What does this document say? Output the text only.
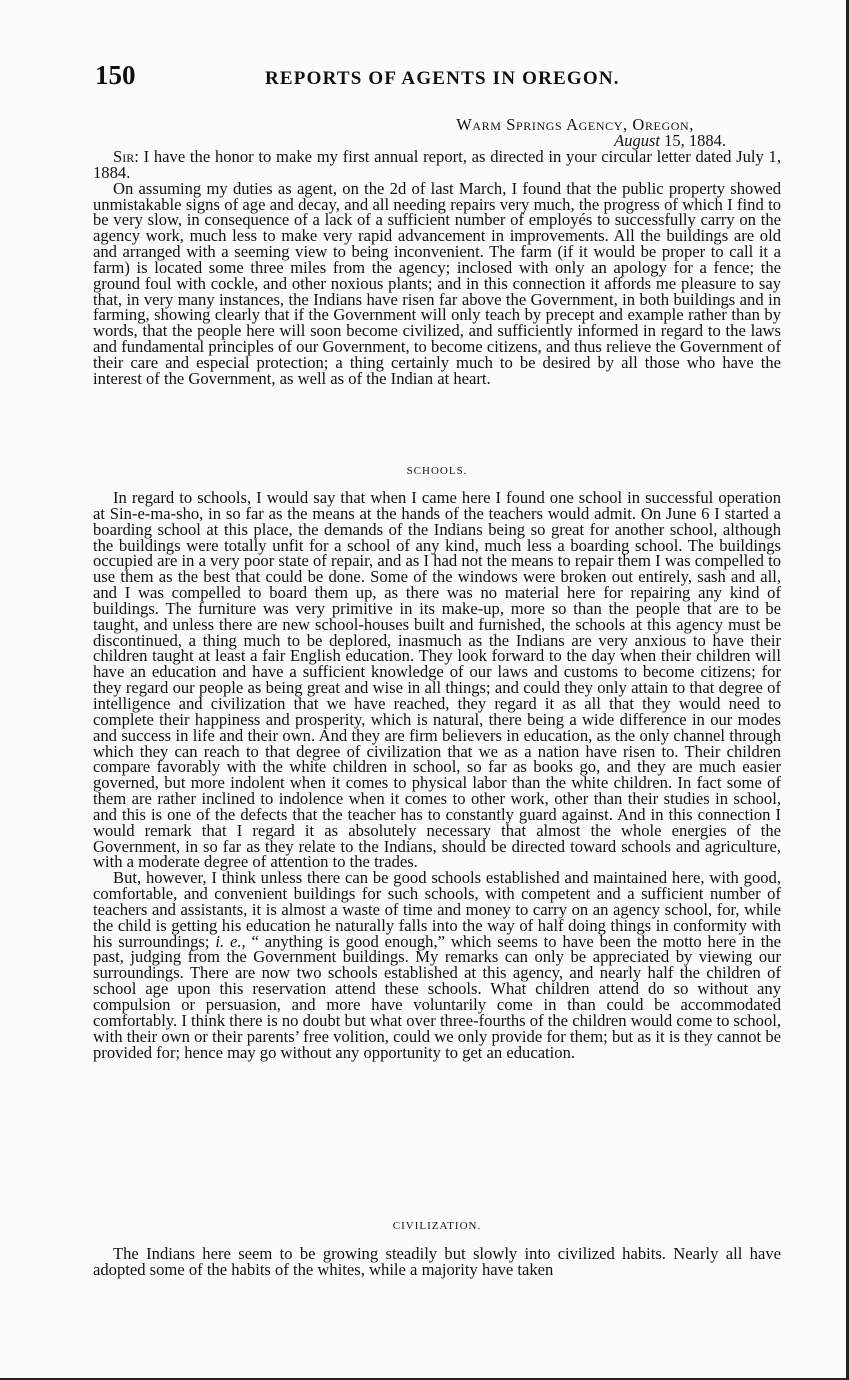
150	REPORTS OF AGENTS IN OREGON.
Warm Springs Agency, Oregon,
August 15, 1884.

Sir: I have the honor to make my first annual report, as directed in your circular letter dated July 1, 1884.

On assuming my duties as agent, on the 2d of last March, I found that the public property showed unmistakable signs of age and decay, and all needing repairs very much, the progress of which I find to be very slow, in consequence of a lack of a sufficient number of employés to successfully carry on the agency work, much less to make very rapid advancement in improvements. All the buildings are old and arranged with a seeming view to being inconvenient. The farm (if it would be proper to call it a farm) is located some three miles from the agency; inclosed with only an apology for a fence; the ground foul with cockle, and other noxious plants; and in this connection it affords me pleasure to say that, in very many instances, the Indians have risen far above the Government, in both buildings and in farming, showing clearly that if the Government will only teach by precept and example rather than by words, that the people here will soon become civilized, and sufficiently informed in regard to the laws and fundamental principles of our Government, to become citizens, and thus relieve the Government of their care and especial protection; a thing certainly much to be desired by all those who have the interest of the Government, as well as of the Indian at heart.

SCHOOLS.

In regard to schools, I would say that when I came here I found one school in successful operation at Sin-e-ma-sho, in so far as the means at the hands of the teachers would admit. On June 6 I started a boarding school at this place, the demands of the Indians being so great for another school, although the buildings were totally unfit for a school of any kind, much less a boarding school. The buildings occupied are in a very poor state of repair, and as I had not the means to repair them I was compelled to use them as the best that could be done. Some of the windows were broken out entirely, sash and all, and I was compelled to board them up, as there was no material here for repairing any kind of buildings. The furniture was very primitive in its make-up, more so than the people that are to be taught, and unless there are new school-houses built and furnished, the schools at this agency must be discontinued, a thing much to be deplored, inasmuch as the Indians are very anxious to have their children taught at least a fair English education. They look forward to the day when their children will have an education and have a sufficient knowledge of our laws and customs to become citizens; for they regard our people as being great and wise in all things; and could they only attain to that degree of intelligence and civilization that we have reached, they regard it as all that they would need to complete their happiness and prosperity, which is natural, there being a wide difference in our modes and success in life and their own. And they are firm believers in education, as the only channel through which they can reach to that degree of civilization that we as a nation have risen to. Their children compare favorably with the white children in school, so far as books go, and they are much easier governed, but more indolent when it comes to physical labor than the white children. In fact some of them are rather inclined to indolence when it comes to other work, other than their studies in school, and this is one of the defects that the teacher has to constantly guard against. And in this connection I would remark that I regard it as absolutely necessary that almost the whole energies of the Government, in so far as they relate to the Indians, should be directed toward schools and agriculture, with a moderate degree of attention to the trades.

But, however, I think unless there can be good schools established and maintained here, with good, comfortable, and convenient buildings for such schools, with competent and a sufficient number of teachers and assistants, it is almost a waste of time and money to carry on an agency school, for, while the child is getting his education he naturally falls into the way of half doing things in conformity with his surroundings; i. e., “ anything is good enough,” which seems to have been the motto here in the past, judging from the Government buildings. My remarks can only be appreciated by viewing our surroundings. There are now two schools established at this agency, and nearly half the children of school age upon this reservation attend these schools. What children attend do so without any compulsion or persuasion, and more have voluntarily come in than could be accommodated comfortably. I think there is no doubt but what over three-fourths of the children would come to school, with their own or their parents’ free volition, could we only provide for them; but as it is they cannot be provided for; hence may go without any opportunity to get an education.

CIVILIZATION.

The Indians here seem to be growing steadily but slowly into civilized habits. Nearly all have adopted some of the habits of the whites, while a majority have taken
